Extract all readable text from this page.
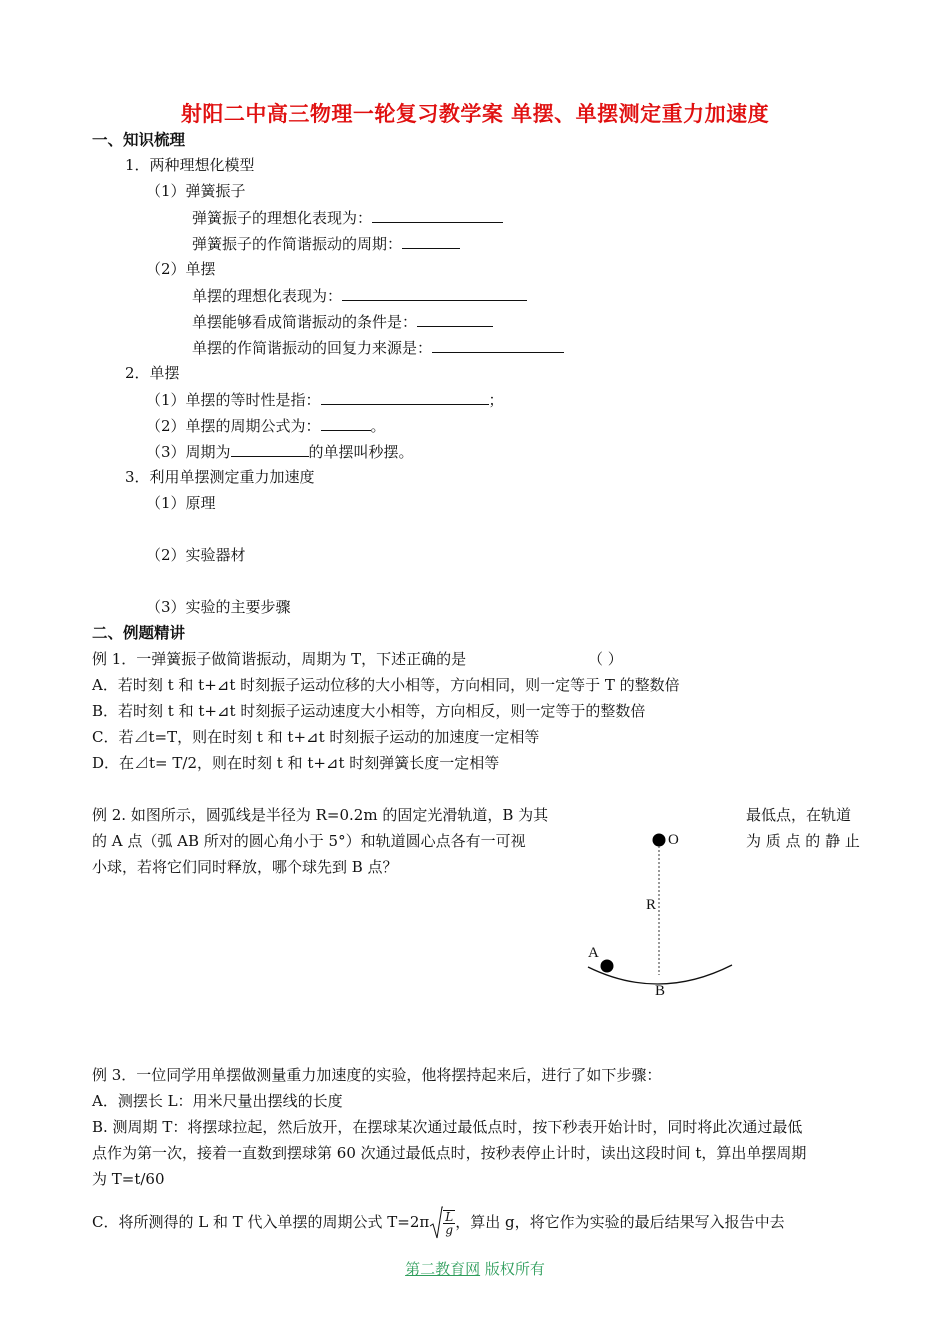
射阳二中高三物理一轮复习教学案 单摆、单摆测定重力加速度
一、知识梳理
1．两种理想化模型
（1）弹簧振子
弹簧振子的理想化表现为：
弹簧振子的作简谐振动的周期：
（2）单摆
单摆的理想化表现为：
单摆能够看成简谐振动的条件是：
单摆的作简谐振动的回复力来源是：
2．单摆
（1）单摆的等时性是指：	；
（2）单摆的周期公式为：	。
（3）周期为	的单摆叫秒摆。
3．利用单摆测定重力加速度
（1）原理
（2）实验器材
（3）实验的主要步骤
二、例题精讲
例 1．一弹簧振子做简谐振动，周期为 T，下述正确的是	（ ）
A．若时刻 t 和 t+⊿t 时刻振子运动位移的大小相等，方向相同，则一定等于 T 的整数倍
B．若时刻 t 和 t+⊿t 时刻振子运动速度大小相等，方向相反，则一定等于的整数倍
C．若⊿t=T，则在时刻 t 和 t+⊿t 时刻振子运动的加速度一定相等
D．在⊿t= T/2，则在时刻 t 和 t+⊿t 时刻弹簧长度一定相等
例 2. 如图所示，圆弧线是半径为 R=0.2m 的固定光滑轨道，B 为其
的 A 点（弧 AB 所对的圆心角小于 5°）和轨道圆心点各有一可视
小球，若将它们同时释放，哪个球先到 B 点？
最低点，在轨道
为 质 点 的 静 止
O
R
A
B
例 3．一位同学用单摆做测量重力加速度的实验，他将摆持起来后，进行了如下步骤：
A．测摆长 L：用米尺量出摆线的长度
B. 测周期 T：将摆球拉起，然后放开，在摆球某次通过最低点时，按下秒表开始计时，同时将此次通过最低
点作为第一次，接着一直数到摆球第 60 次通过最低点时，按秒表停止计时，读出这段时间 t，算出单摆周期
为 T=t/60
C．将所测得的 L 和 T 代入单摆的周期公式 $T=2\pi \frac{L}{g}$ ，算出 g，将它作为实验的最后结果写入报告中去
第二教育网 版权所有
